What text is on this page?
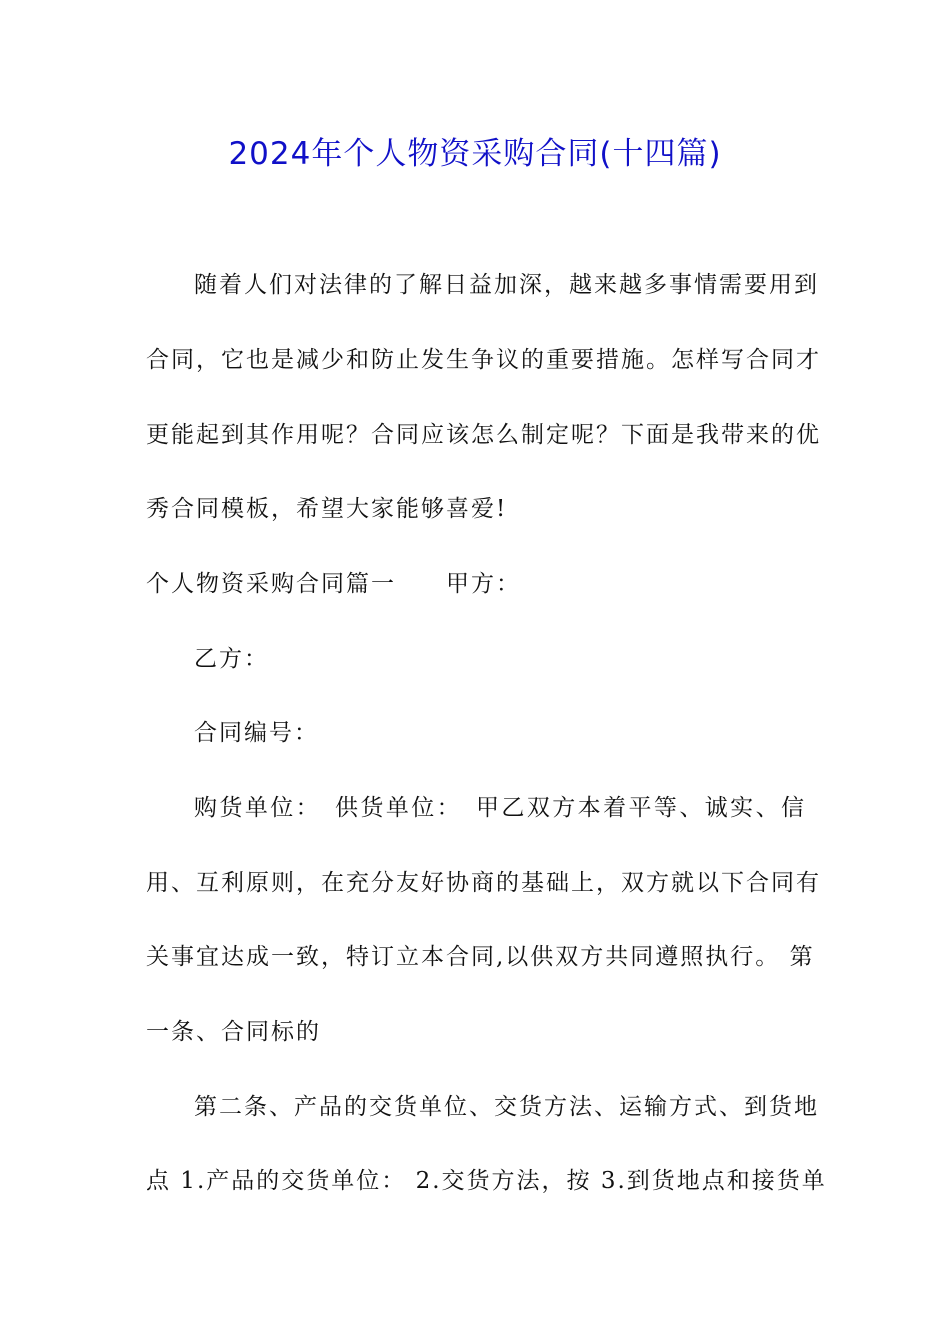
2024年个人物资采购合同(十四篇)
随着人们对法律的了解日益加深，越来越多事情需要用到
合同，它也是减少和防止发生争议的重要措施。怎样写合同才
更能起到其作用呢？合同应该怎么制定呢？下面是我带来的优
秀合同模板，希望大家能够喜爱!
个人物资采购合同篇一　　甲方：
乙方：
合同编号：
购货单位：　供货单位：　甲乙双方本着平等、诚实、信
用、互利原则，在充分友好协商的基础上，双方就以下合同有
关事宜达成一致，特订立本合同,以供双方共同遵照执行。 第
一条、合同标的
第二条、产品的交货单位、交货方法、运输方式、到货地
点 1.产品的交货单位： 2.交货方法，按 3.到货地点和接货单
